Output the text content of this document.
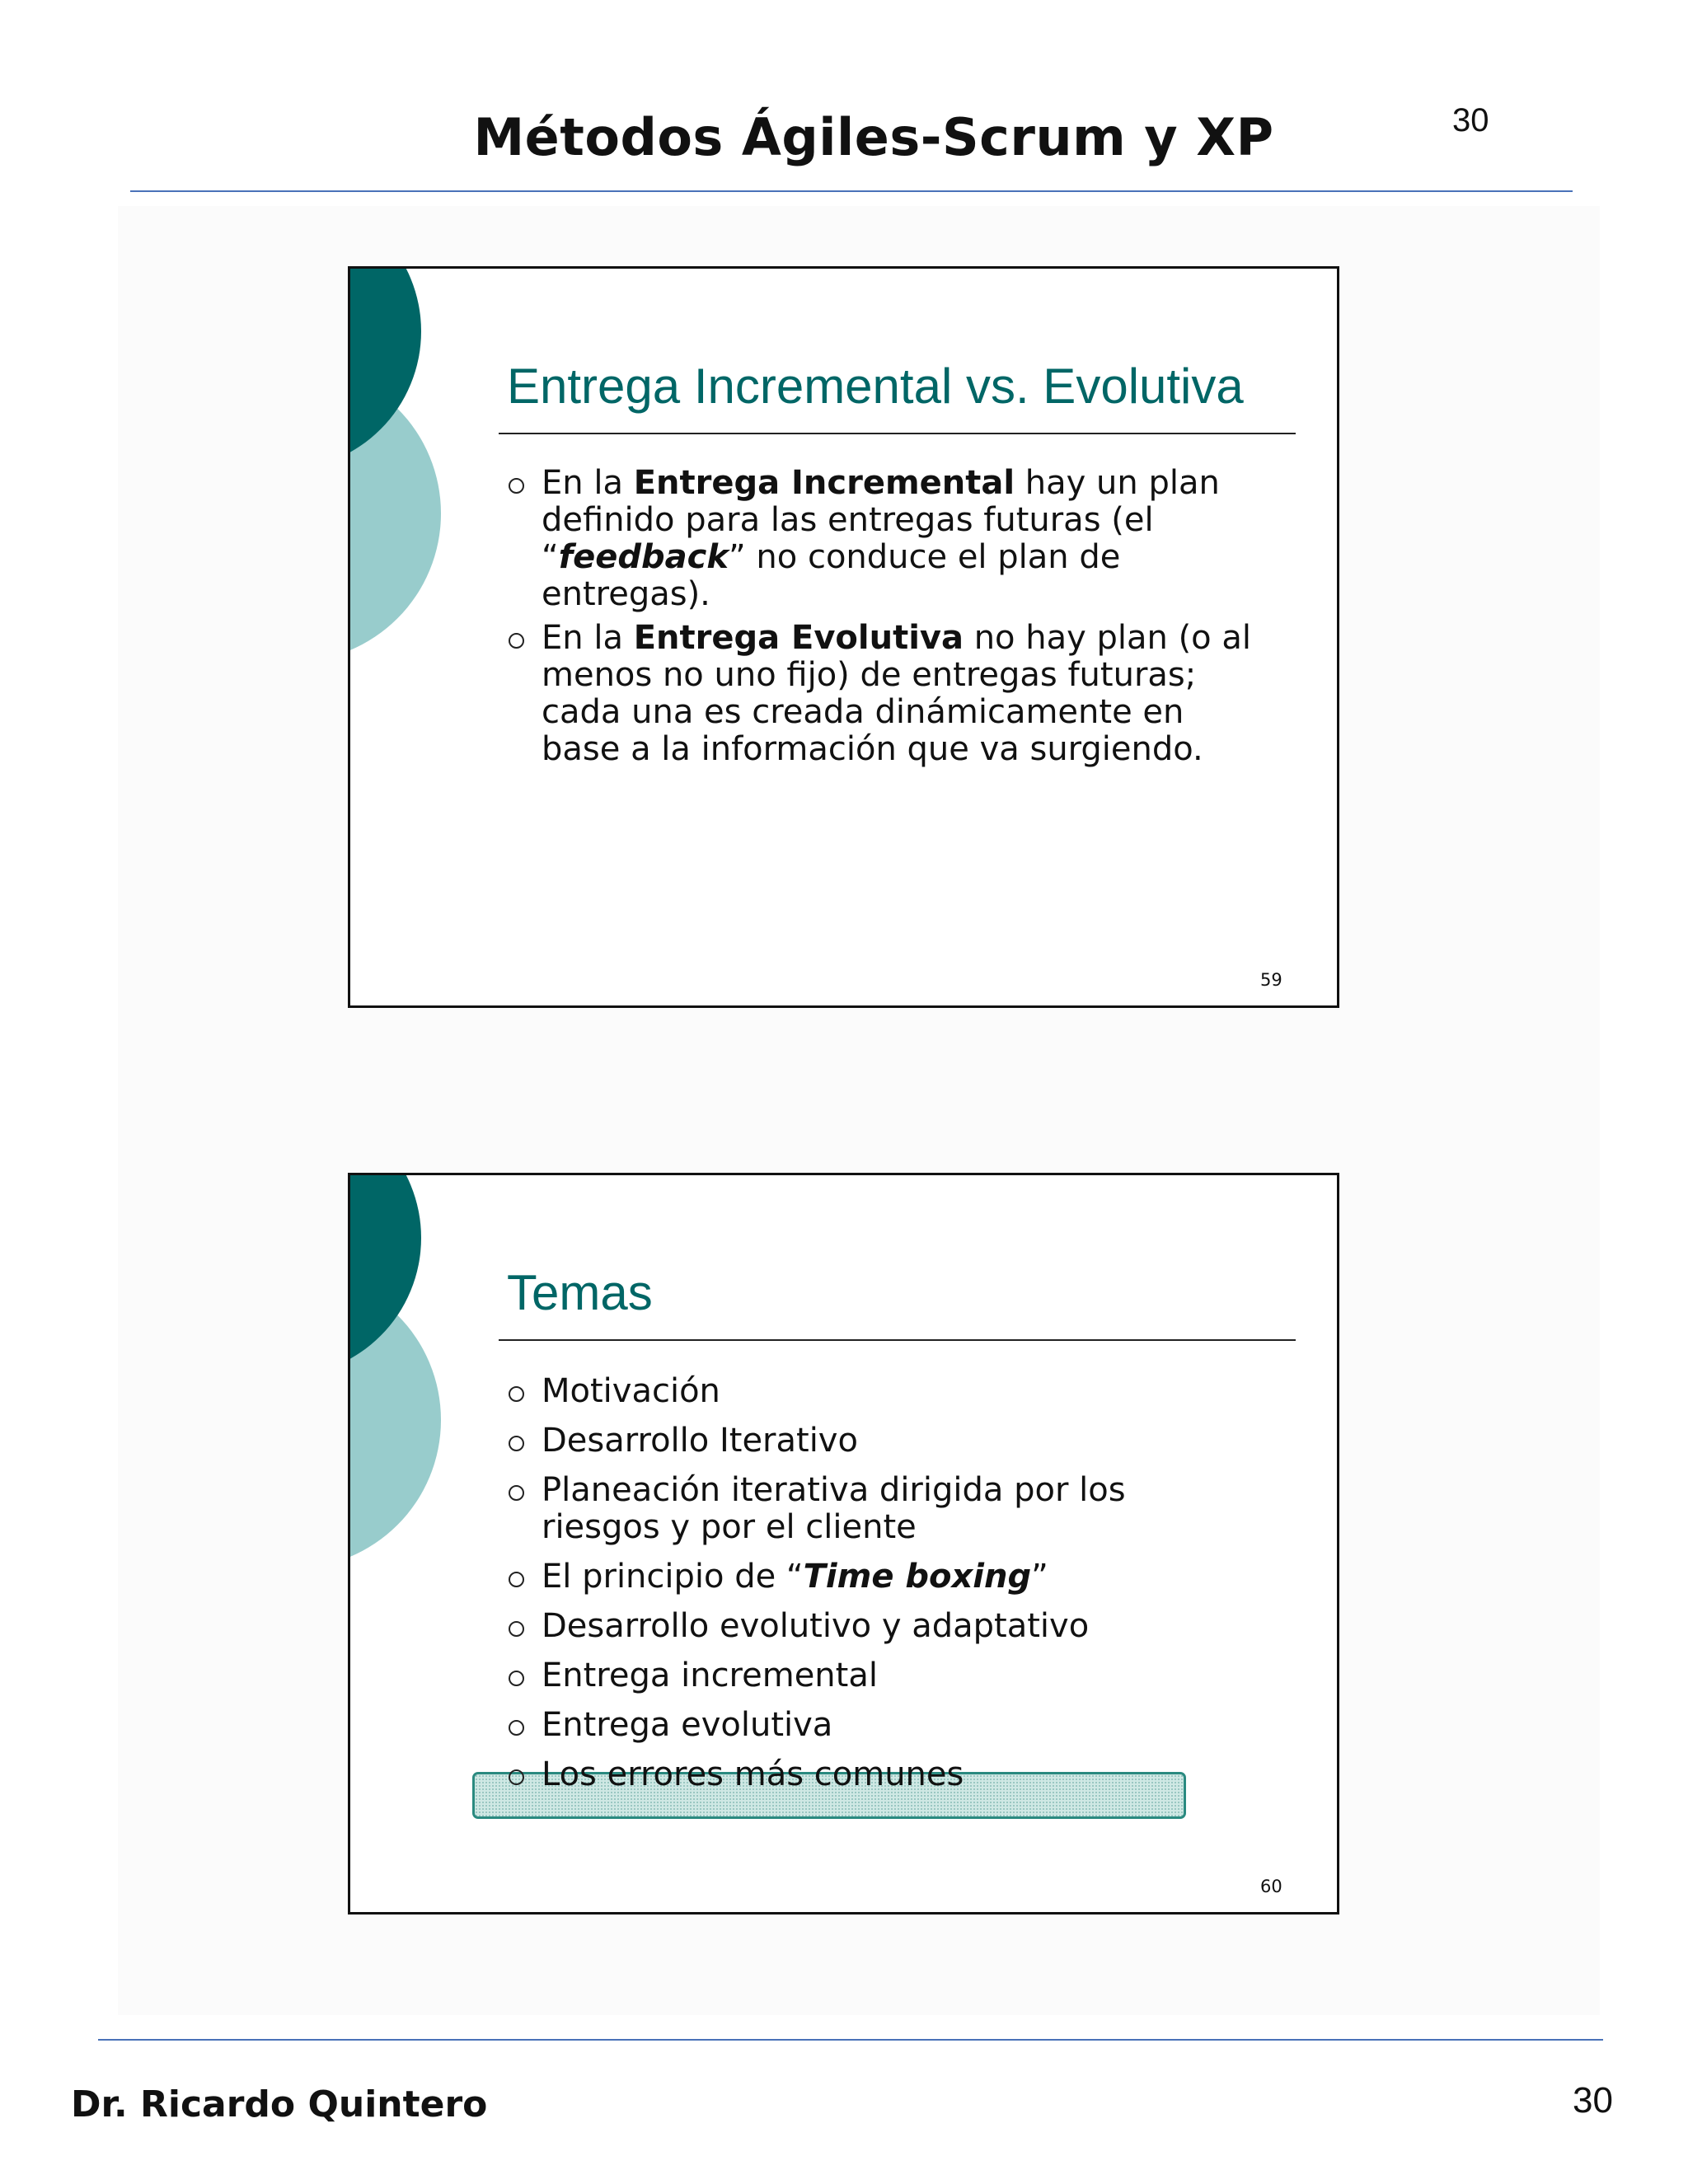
Métodos Ágiles-Scrum y XP	30
Entrega Incremental vs. Evolutiva
En la Entrega Incremental hay un plan definido para las entregas futuras (el “feedback” no conduce el plan de entregas).
En la Entrega Evolutiva no hay plan (o al menos no uno fijo) de entregas futuras; cada una es creada dinámicamente en base a la información que va surgiendo.
59
Temas
Motivación
Desarrollo Iterativo
Planeación iterativa dirigida por los riesgos y por el cliente
El principio de “Time boxing”
Desarrollo evolutivo y adaptativo
Entrega incremental
Entrega evolutiva
Los errores más comunes
60
Dr. Ricardo Quintero	30
